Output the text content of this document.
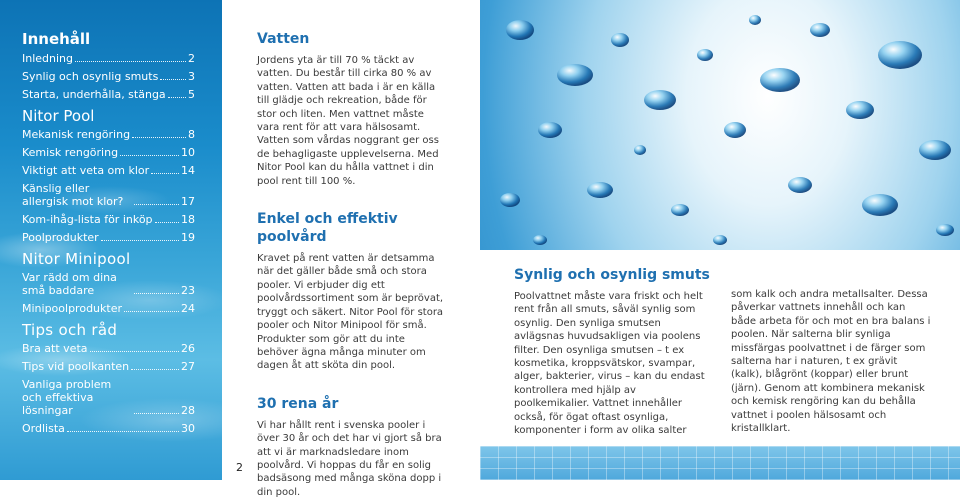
Innehåll
Inledning	2
Synlig och osynlig smuts	3
Starta, underhålla, stänga 5
Nitor Pool
Mekanisk rengöring	8
Kemisk rengöring	10
Viktigt att veta om klor	14
Känslig eller allergisk mot klor?	17
Kom-ihåg-lista för inköp	18
Poolprodukter	19
Nitor Minipool
Var rädd om dina små baddare	23
Minipoolprodukter	24
Tips och råd
Bra att veta	26
Tips vid poolkanten	27
Vanliga problem och effektiva lösningar	28
Ordlista	30
2
Vatten

Jordens yta är till 70 % täckt av vatten. Du består till cirka 80 % av vatten. Vatten att bada i är en källa till glädje och rekreation, både för stor och liten. Men vattnet måste vara rent för att vara hälsosamt. Vatten som vårdas noggrant ger oss de behagligaste upplevelserna. Med Nitor Pool kan du hålla vattnet i din pool rent till 100 %.

Enkel och effektiv poolvård

Kravet på rent vatten är detsamma när det gäller både små och stora pooler. Vi erbjuder dig ett poolvårdssortiment som är beprövat, tryggt och säkert. Nitor Pool för stora pooler och Nitor Minipool för små. Produkter som gör att du inte behöver ägna många minuter om dagen åt att sköta din pool.

30 rena år

Vi har hållt rent i svenska pooler i över 30 år och det har vi gjort så bra att vi är marknadsledare inom poolvård. Vi hoppas du får en solig badsäsong med många sköna dopp i din pool.

Synlig och osynlig smuts

Poolvattnet måste vara friskt och helt rent från all smuts, såväl synlig som osynlig. Den synliga smutsen avlägsnas huvudsakligen via poolens filter. Den osynliga smutsen – t ex kosmetika, kroppsvätskor, svampar, alger, bakterier, virus – kan du endast kontrollera med hjälp av poolkemikalier. Vattnet innehåller också, för ögat oftast osynliga, komponenter i form av olika salter

som kalk och andra metallsalter. Dessa påverkar vattnets innehåll och kan både arbeta för och mot en bra balans i poolen. När salterna blir synliga missfärgas poolvattnet i de färger som salterna har i naturen, t ex grävit (kalk), blågrönt (koppar) eller brunt (järn). Genom att kombinera mekanisk och kemisk rengöring kan du behålla vattnet i poolen hälsosamt och kristallklart.
